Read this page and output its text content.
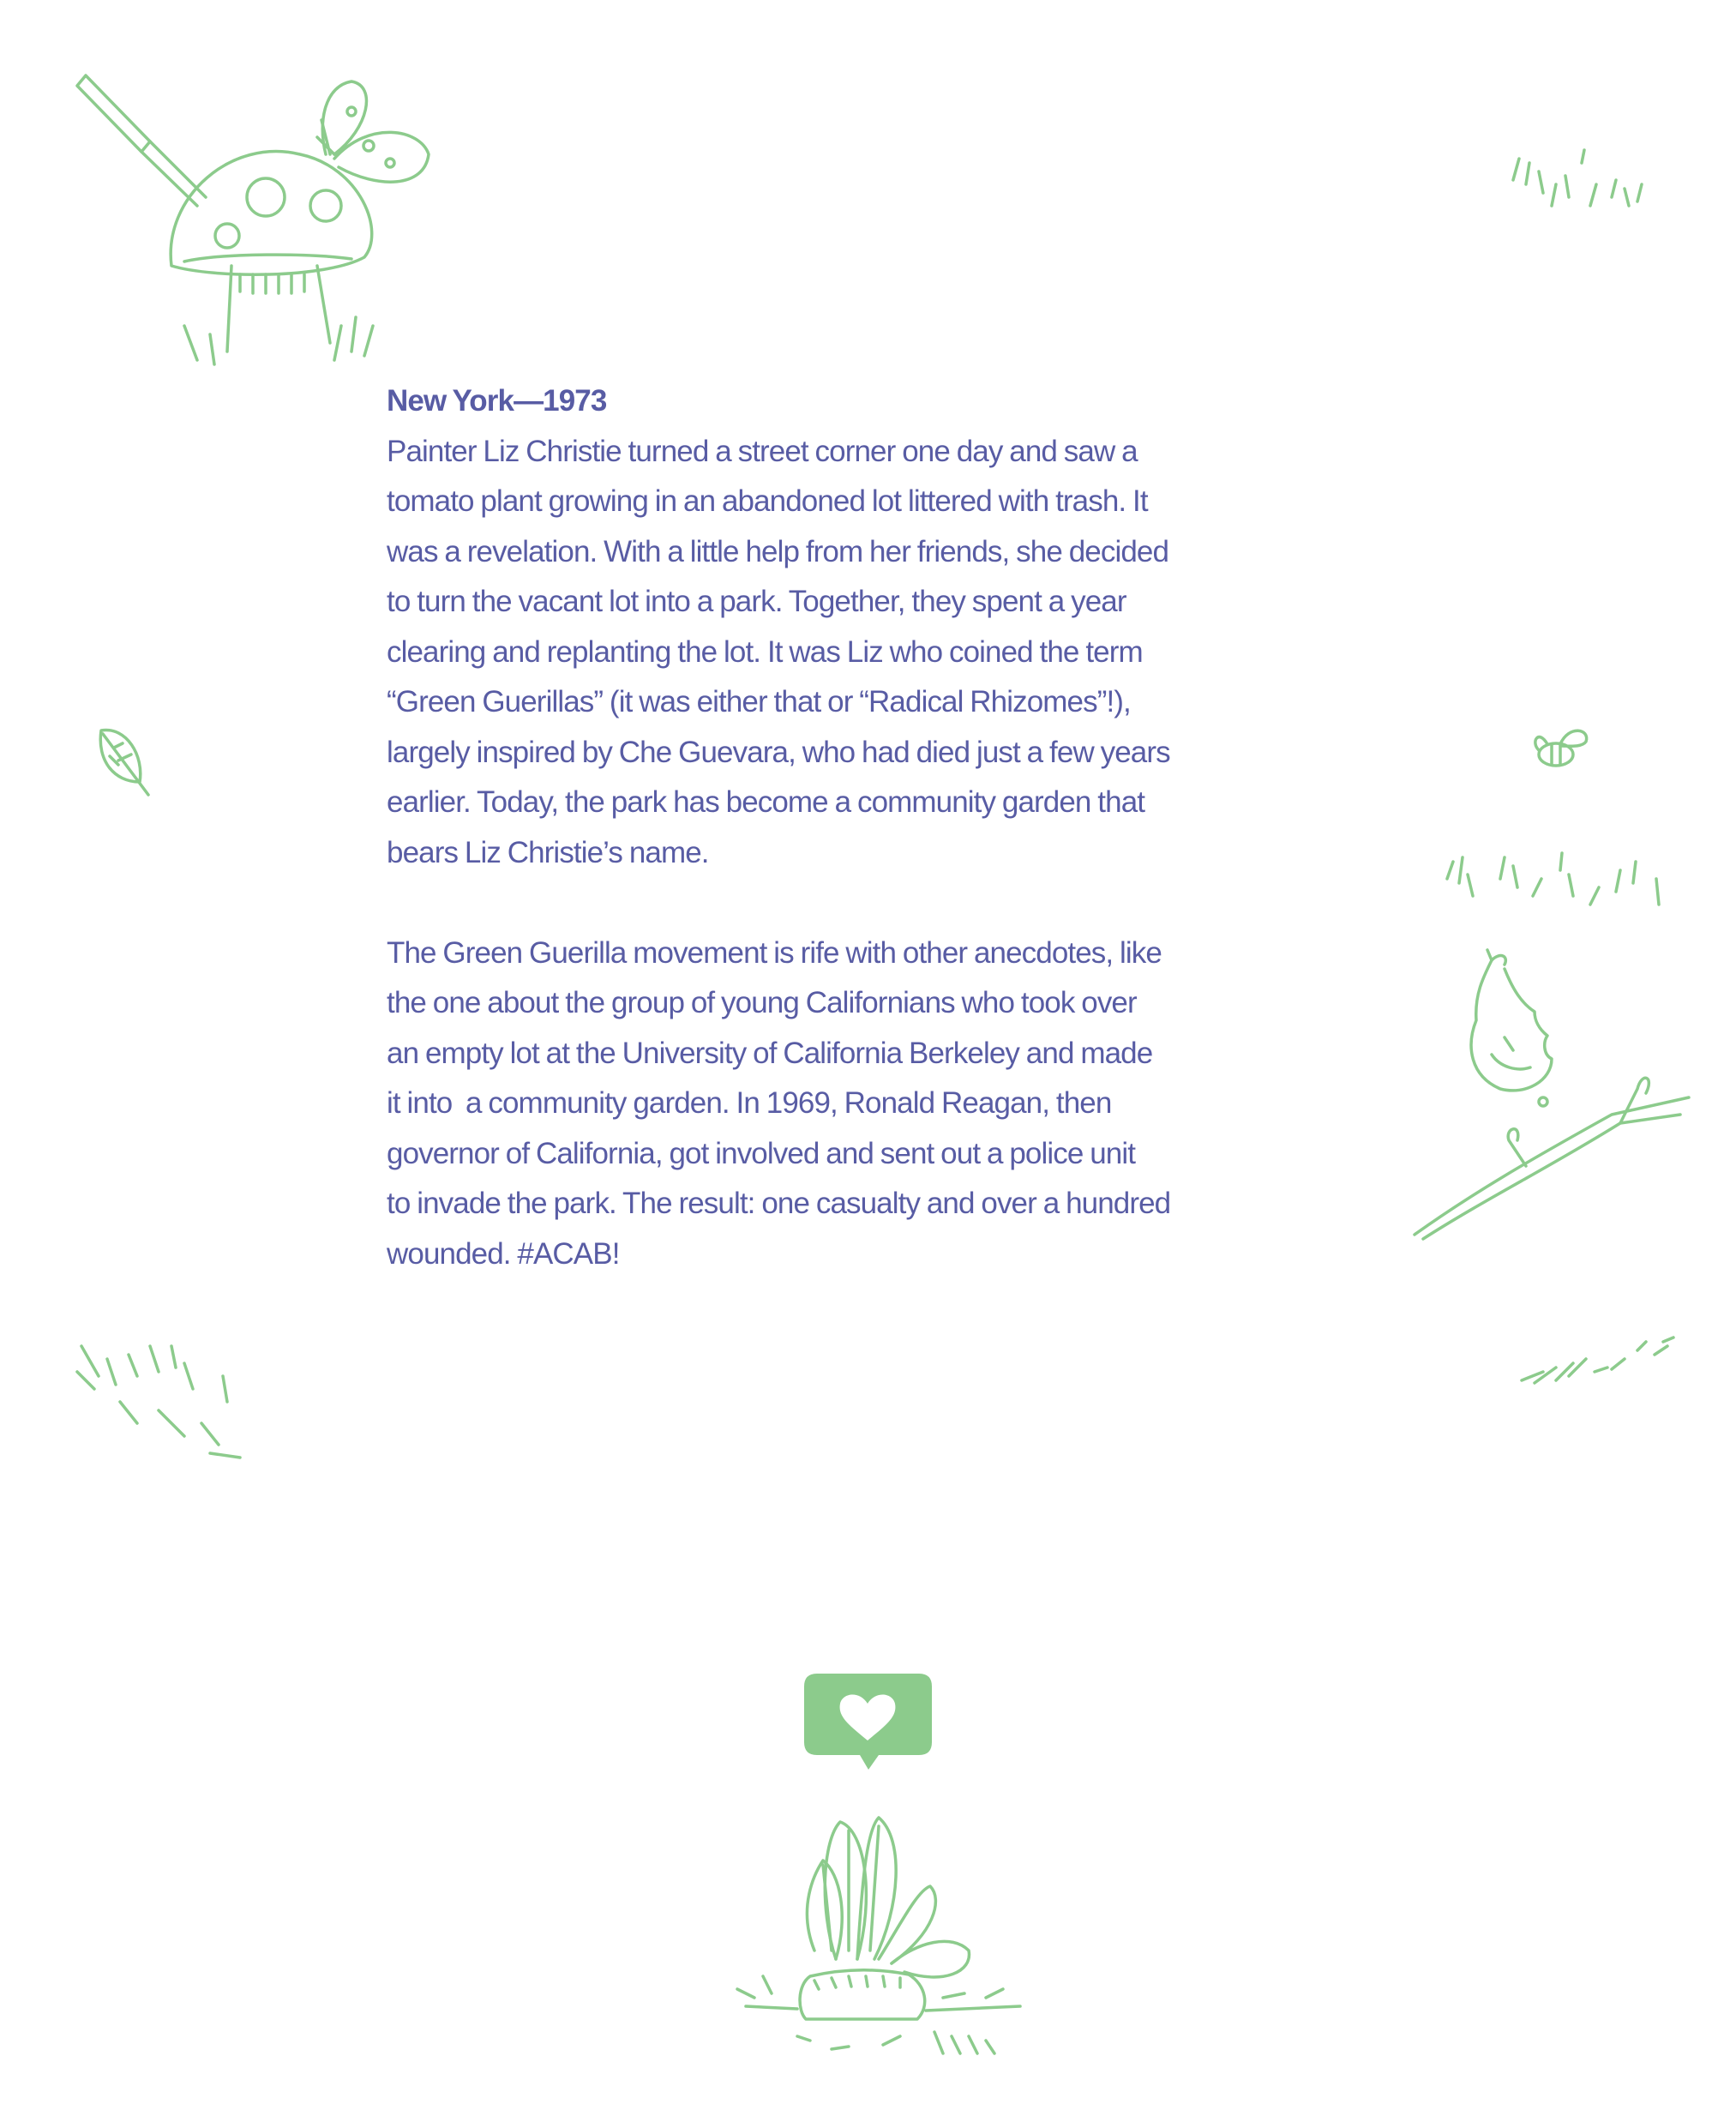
New York—1973
Painter Liz Christie turned a street corner one day and saw a
tomato plant growing in an abandoned lot littered with trash. It
was a revelation. With a little help from her friends, she decided
to turn the vacant lot into a park. Together, they spent a year
clearing and replanting the lot. It was Liz who coined the term
“Green Guerillas” (it was either that or “Radical Rhizomes”!),
largely inspired by Che Guevara, who had died just a few years
earlier. Today, the park has become a community garden that
bears Liz Christie’s name.
The Green Guerilla movement is rife with other anecdotes, like
the one about the group of young Californians who took over
an empty lot at the University of California Berkeley and made
it into  a community garden. In 1969, Ronald Reagan, then
governor of California, got involved and sent out a police unit
to invade the park. The result: one casualty and over a hundred
wounded. #ACAB!
